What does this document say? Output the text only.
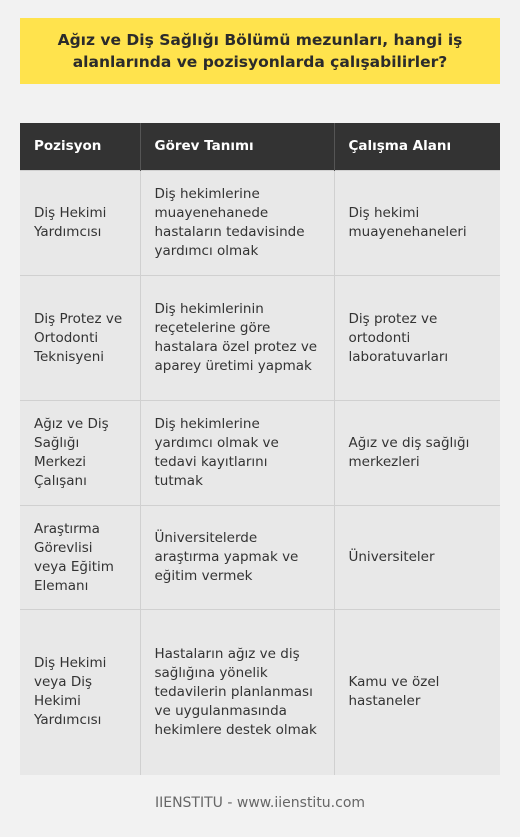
Ağız ve Diş Sağlığı Bölümü mezunları, hangi iş alanlarında ve pozisyonlarda çalışabilirler?
Pozisyon	Görev Tanımı	Çalışma Alanı
Diş Hekimi Yardımcısı	Diş hekimlerine muayenehanede hastaların tedavisinde yardımcı olmak	Diş hekimi muayenehaneleri
Diş Protez ve Ortodonti Teknisyeni	Diş hekimlerinin reçetelerine göre hastalara özel protez ve aparey üretimi yapmak	Diş protez ve ortodonti laboratuvarları
Ağız ve Diş Sağlığı Merkezi Çalışanı	Diş hekimlerine yardımcı olmak ve tedavi kayıtlarını tutmak	Ağız ve diş sağlığı merkezleri
Araştırma Görevlisi veya Eğitim Elemanı	Üniversitelerde araştırma yapmak ve eğitim vermek	Üniversiteler
Diş Hekimi veya Diş Hekimi Yardımcısı	Hastaların ağız ve diş sağlığına yönelik tedavilerin planlanması ve uygulanmasında hekimlere destek olmak	Kamu ve özel hastaneler
IIENSTITU - www.iienstitu.com
